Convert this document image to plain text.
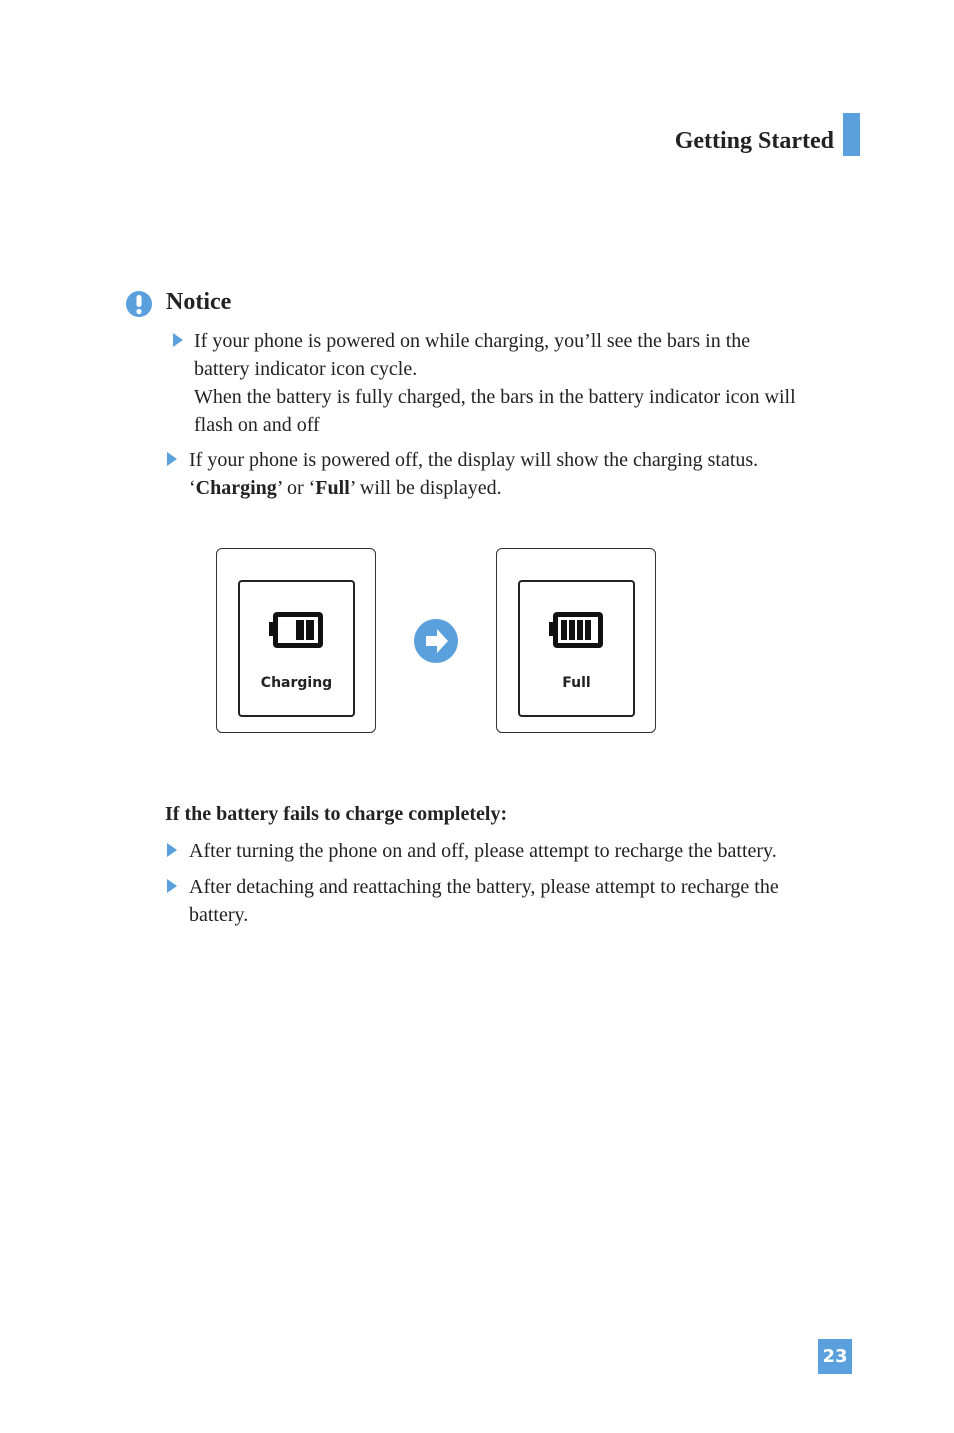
Getting Started
Notice

If your phone is powered on while charging, you’ll see the bars in the

battery indicator icon cycle.

When the battery is fully charged, the bars in the battery indicator icon will

flash on and off

If your phone is powered off, the display will show the charging status.

‘Charging’ or ‘Full’ will be displayed.

Charging	Full
If the battery fails to charge completely:
After turning the phone on and off, please attempt to recharge the battery.

After detaching and reattaching the battery, please attempt to recharge the

battery.

23
